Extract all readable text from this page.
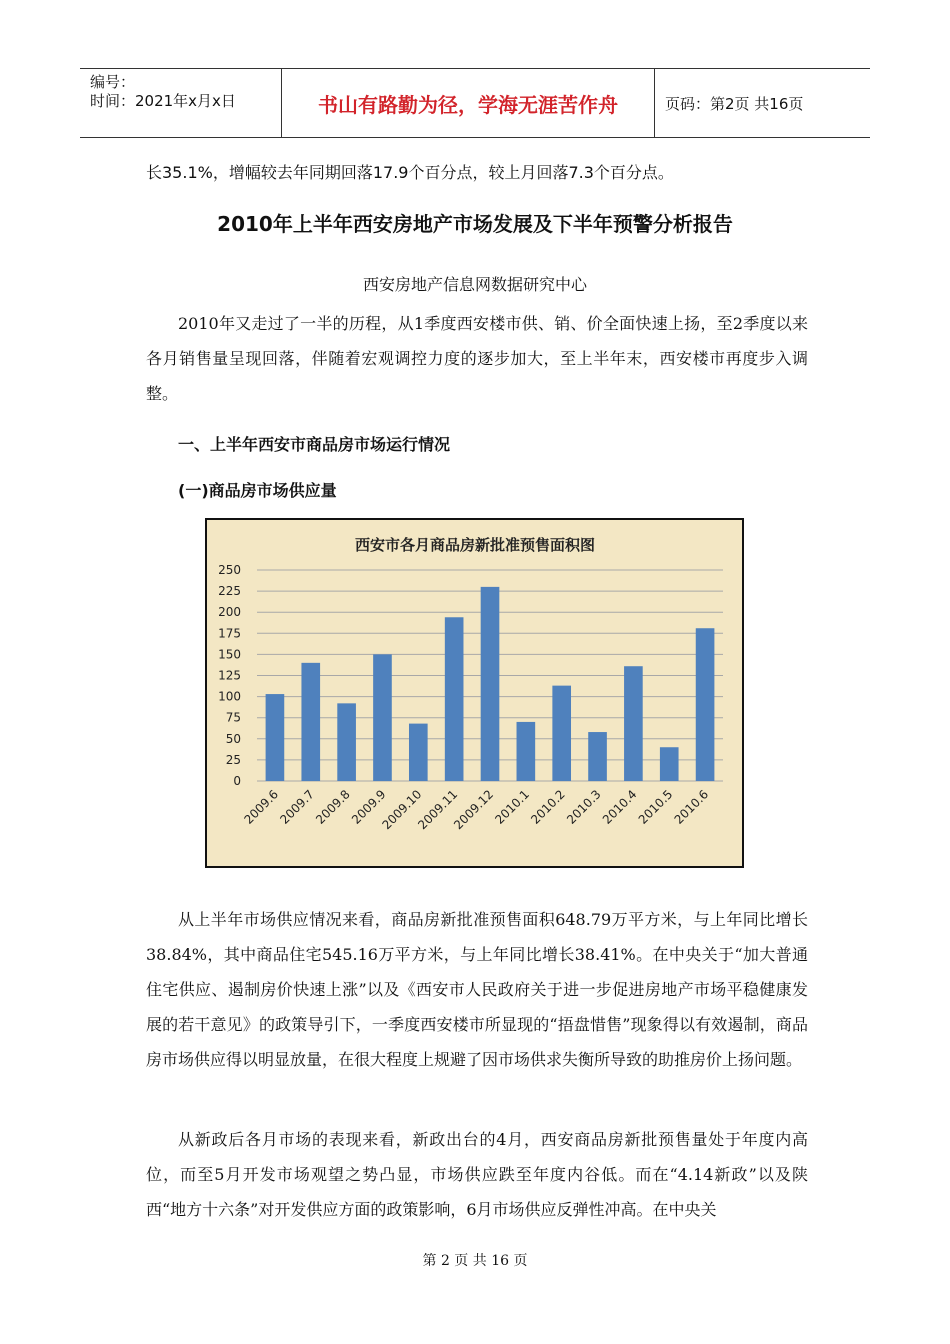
编号：
时间：2021年x月x日	书山有路勤为径，学海无涯苦作舟	页码：第2页 共16页
长35.1%，增幅较去年同期回落17.9个百分点，较上月回落7.3个百分点。
2010年上半年西安房地产市场发展及下半年预警分析报告
西安房地产信息网数据研究中心
2010年又走过了一半的历程，从1季度西安楼市供、销、价全面快速上扬，至2季度以来各月销售量呈现回落，伴随着宏观调控力度的逐步加大，至上半年末，西安楼市再度步入调整。
一、上半年西安市商品房市场运行情况
(一)商品房市场供应量
西安市各月商品房新批准预售面积图
0
25
50
75
100
125
150
175
200
225
250
2009.6
2009.7
2009.8
2009.9
2009.10
2009.11
2009.12
2010.1
2010.2
2010.3
2010.4
2010.5
2010.6
从上半年市场供应情况来看，商品房新批准预售面积648.79万平方米，与上年同比增长38.84%，其中商品住宅545.16万平方米，与上年同比增长38.41%。在中央关于“加大普通住宅供应、遏制房价快速上涨”以及《西安市人民政府关于进一步促进房地产市场平稳健康发展的若干意见》的政策导引下，一季度西安楼市所显现的“捂盘惜售”现象得以有效遏制，商品房市场供应得以明显放量，在很大程度上规避了因市场供求失衡所导致的助推房价上扬问题。
从新政后各月市场的表现来看，新政出台的4月，西安商品房新批预售量处于年度内高位，而至5月开发市场观望之势凸显，市场供应跌至年度内谷低。而在“4.14新政”以及陕西“地方十六条”对开发供应方面的政策影响，6月市场供应反弹性冲高。在中央关
第 2 页 共 16 页
